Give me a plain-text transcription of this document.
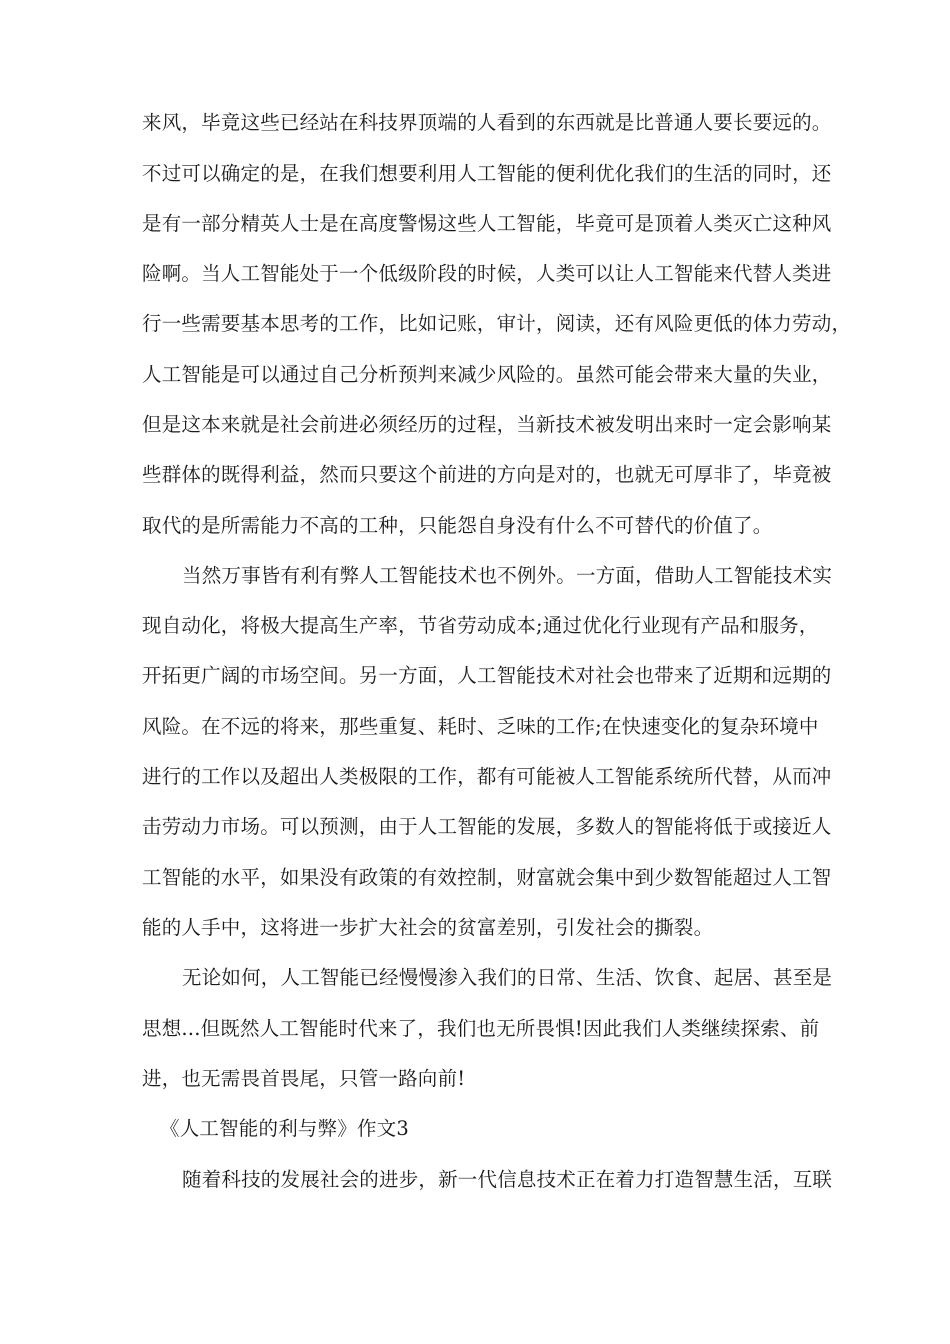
来风，毕竟这些已经站在科技界顶端的人看到的东西就是比普通人要长要远的。
不过可以确定的是，在我们想要利用人工智能的便利优化我们的生活的同时，还
是有一部分精英人士是在高度警惕这些人工智能，毕竟可是顶着人类灭亡这种风
险啊。当人工智能处于一个低级阶段的时候，人类可以让人工智能来代替人类进
行一些需要基本思考的工作，比如记账，审计，阅读，还有风险更低的体力劳动，
人工智能是可以通过自己分析预判来减少风险的。虽然可能会带来大量的失业，
但是这本来就是社会前进必须经历的过程，当新技术被发明出来时一定会影响某
些群体的既得利益，然而只要这个前进的方向是对的，也就无可厚非了，毕竟被
取代的是所需能力不高的工种，只能怨自身没有什么不可替代的价值了。
当然万事皆有利有弊人工智能技术也不例外。一方面，借助人工智能技术实
现自动化，将极大提高生产率，节省劳动成本;通过优化行业现有产品和服务，
开拓更广阔的市场空间。另一方面，人工智能技术对社会也带来了近期和远期的
风险。在不远的将来，那些重复、耗时、乏味的工作;在快速变化的复杂环境中
进行的工作以及超出人类极限的工作，都有可能被人工智能系统所代替，从而冲
击劳动力市场。可以预测，由于人工智能的发展，多数人的智能将低于或接近人
工智能的水平，如果没有政策的有效控制，财富就会集中到少数智能超过人工智
能的人手中，这将进一步扩大社会的贫富差别，引发社会的撕裂。
无论如何，人工智能已经慢慢渗入我们的日常、生活、饮食、起居、甚至是
思想...但既然人工智能时代来了，我们也无所畏惧!因此我们人类继续探索、前
进，也无需畏首畏尾，只管一路向前!
《人工智能的利与弊》作文3
随着科技的发展社会的进步，新一代信息技术正在着力打造智慧生活，互联
